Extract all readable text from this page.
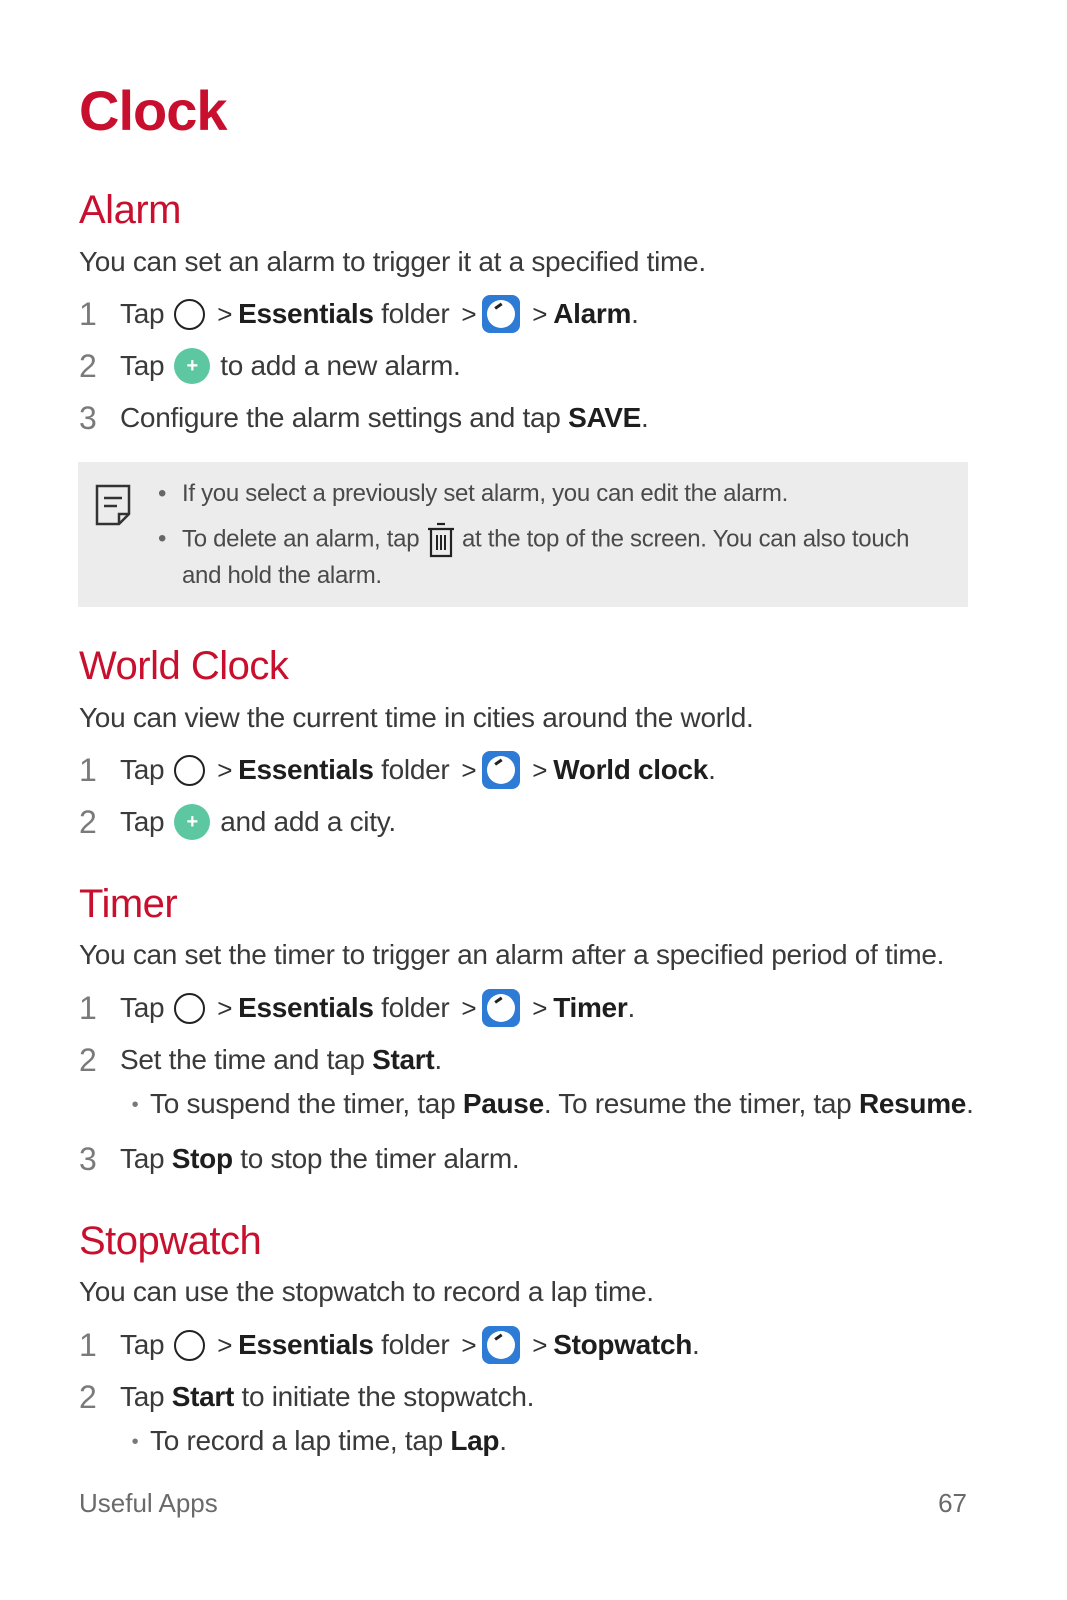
Clock
Alarm
You can set an alarm to trigger it at a specified time.
1 Tap > Essentials
folder > > Alarm .
2 Tap	+ to add a new alarm.
3 Configure the alarm settings and tap
SAVE .
• If you select a previously set alarm, you can edit the alarm.
• To delete an alarm, tap at the top of the screen. You can also touch
and hold the alarm.
World Clock
You can view the current time in cities around the world.
1 Tap > Essentials
folder > > World clock .
2 Tap	+ and add a city.
Timer
You can set the timer to trigger an alarm after a specified period of time.
1 Tap > Essentials
folder > > Timer .
2 Set the time and tap
Start .
• To suspend the timer, tap Pause. To resume the timer, tap Resume.
3 Tap
Stop to stop the timer alarm.
Stopwatch
You can use the stopwatch to record a lap time.
1 Tap > Essentials
folder > > Stopwatch .
2 Tap
Start to initiate the stopwatch.
• To record a lap time, tap Lap.
Useful Apps	67
